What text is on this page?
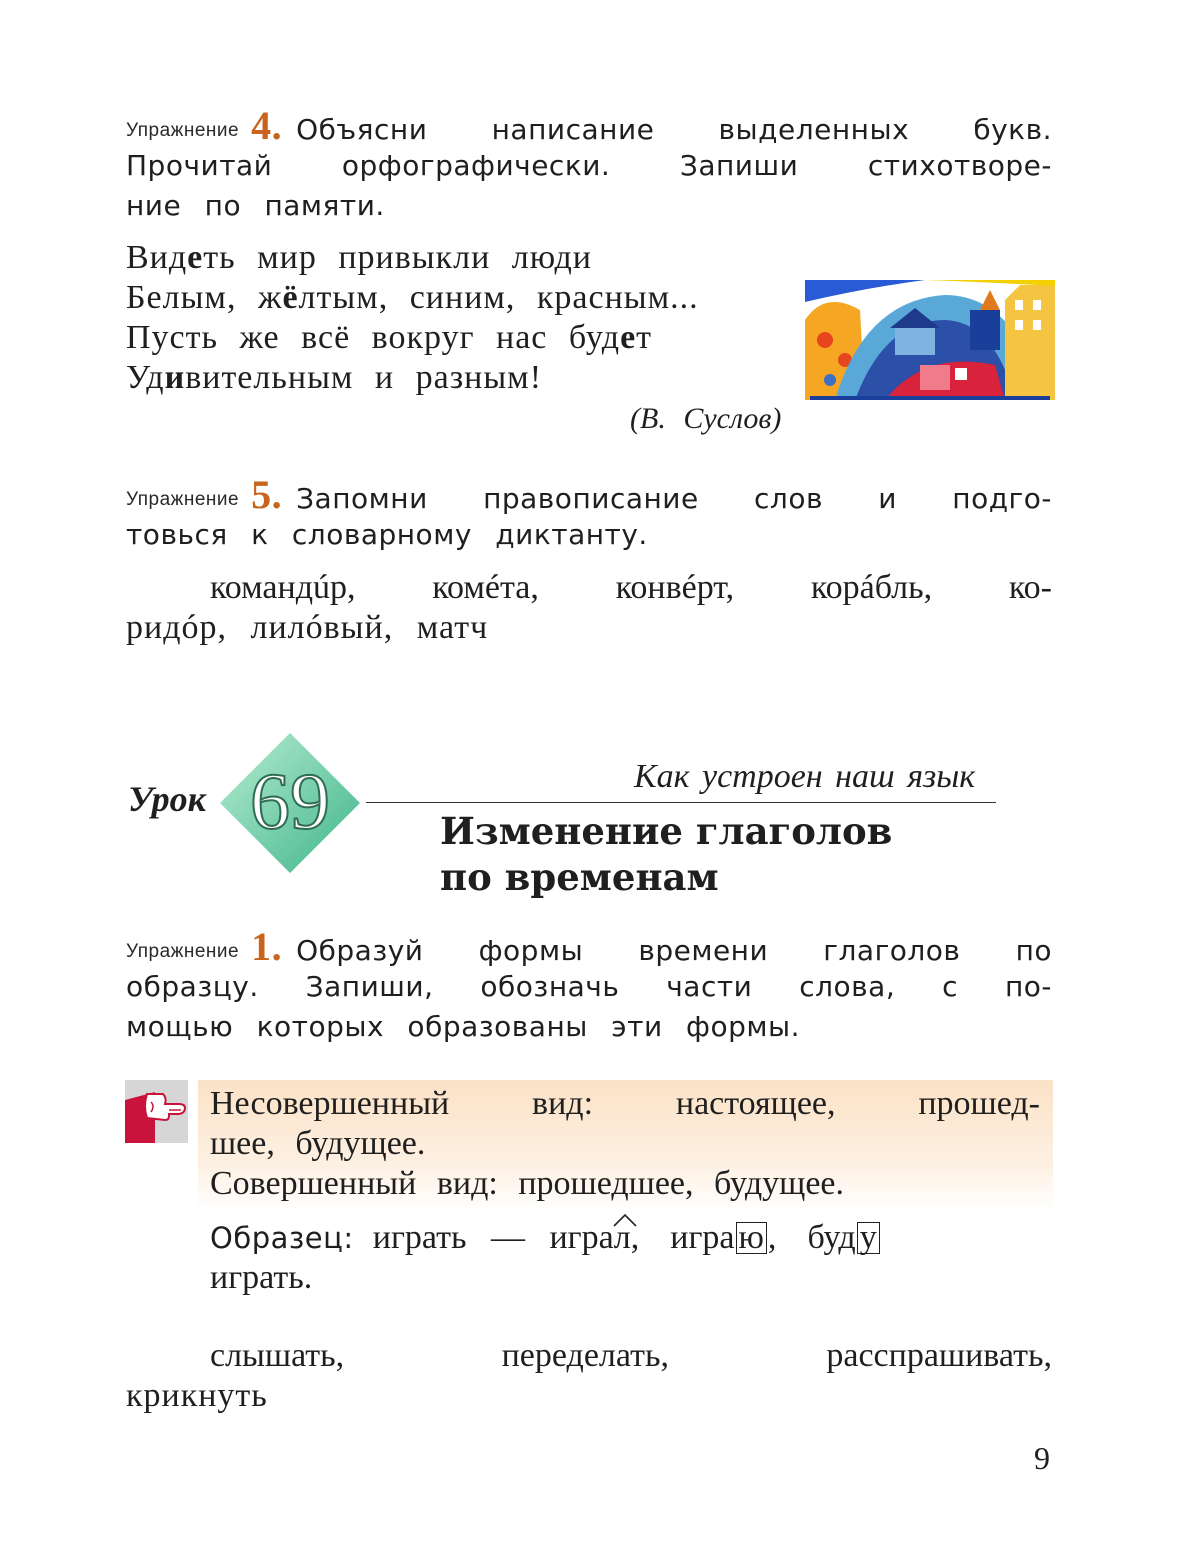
Упражнение 4. Объясни написание выделенных букв.
Прочитай орфографически. Запиши стихотворе-
ние по памяти.
Видеть мир привыкли люди
Белым, жёлтым, синим, красным...
Пусть же всё вокруг нас будет
Удивительным и разным!
(В. Суслов)
Упражнение 5. Запомни правописание слов и подго-
товься к словарному диктанту.
командúр, комéта, конвéрт, корáбль, ко-
ридóр, лилóвый, матч
Урок 69	Как устроен наш язык
Изменение глаголов
по временам
Упражнение 1. Образуй формы времени глаголов по
образцу. Запиши, обозначь части слова, с по-
мощью которых образованы эти формы.
Несовершенный вид: настоящее, прошед-
шее, будущее.
Совершенный вид: прошедшее, будущее.
Образец: играть — игра
л, игра ю , буд у
играть.
слышать, переделать, расспрашивать,
крикнуть
9
